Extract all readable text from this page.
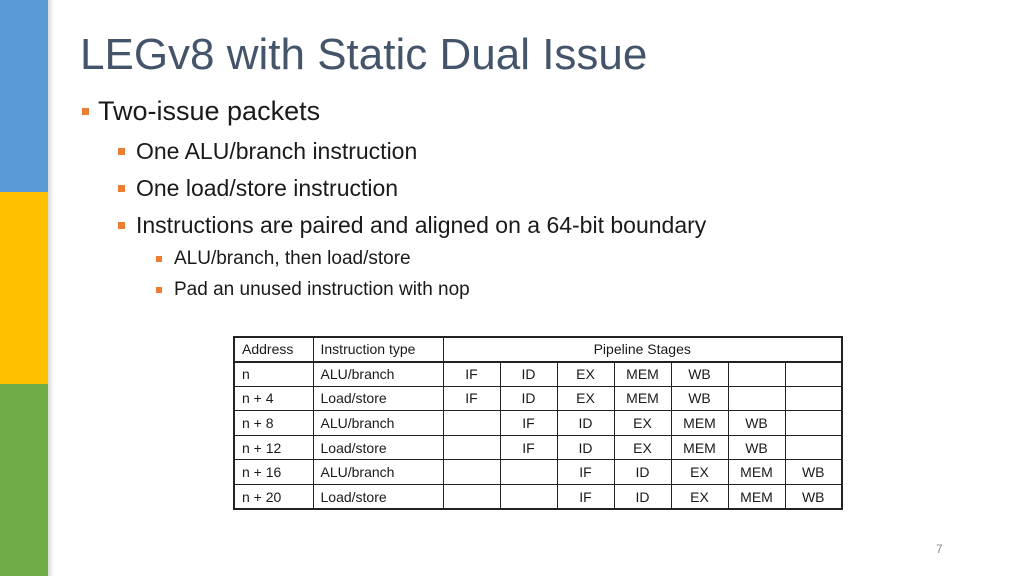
LEGv8 with Static Dual Issue
Two-issue packets
One ALU/branch instruction
One load/store instruction
Instructions are paired and aligned on a 64-bit boundary
ALU/branch, then load/store
Pad an unused instruction with nop
Address	Instruction type	Pipeline Stages						
n	ALU/branch	IF	ID	EX	MEM	WB		
n + 4	Load/store	IF	ID	EX	MEM	WB		
n + 8	ALU/branch		IF	ID	EX	MEM	WB	
n + 12	Load/store		IF	ID	EX	MEM	WB	
n + 16	ALU/branch			IF	ID	EX	MEM	WB
n + 20	Load/store			IF	ID	EX	MEM	WB
7
